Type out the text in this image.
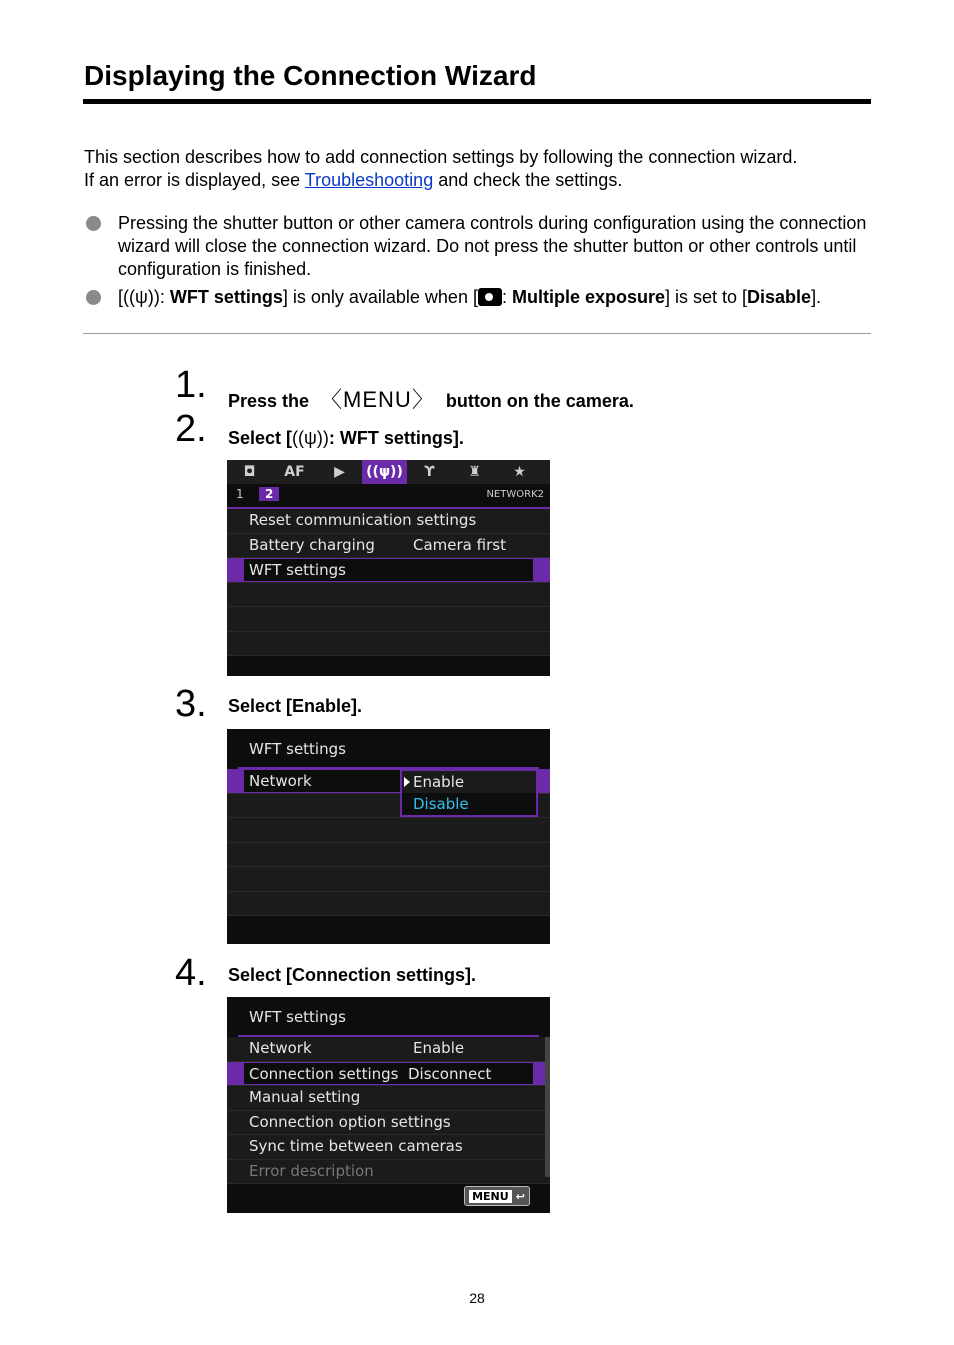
Displaying the Connection Wizard
This section describes how to add connection settings by following the connection wizard.
If an error is displayed, see Troubleshooting and check the settings.
Pressing the shutter button or other camera controls during configuration using the connection wizard will close the connection wizard. Do not press the shutter button or other controls until configuration is finished.
[((ψ)): WFT settings] is only available when [ : Multiple exposure] is set to [Disable].
1. Press the 〈MENU〉 button on the camera.
2. Select [((ψ)): WFT settings].
◘	AF	▶	((ψ))	ϒ	♜	★
1	2	NETWORK2
Reset communication settings
Battery charging	Camera first
WFT settings
3. Select [Enable].
WFT settings
Network	Enable
Disable
4. Select [Connection settings].
WFT settings
Network	Enable
Connection settings Disconnect
Manual setting
Connection option settings
Sync time between cameras
Error description
MENU ↩
28
